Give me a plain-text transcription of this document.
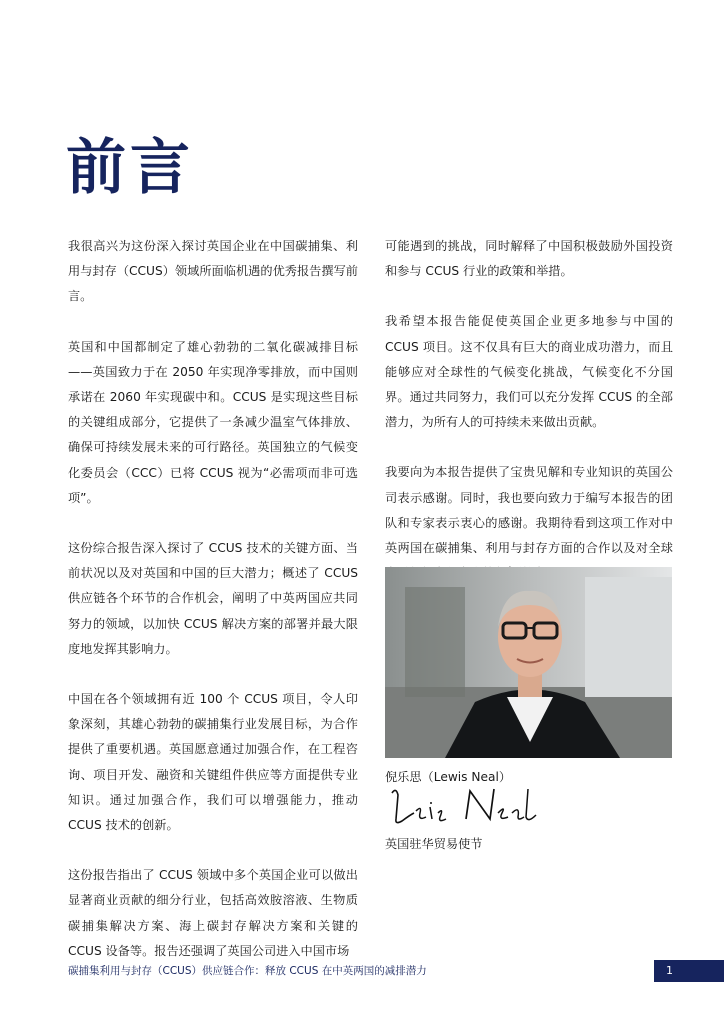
前言

我很高兴为这份深入探讨英国企业在中国碳捕集、利用与封存（CCUS）领域所面临机遇的优秀报告撰写前言。

英国和中国都制定了雄心勃勃的二氧化碳减排目标——英国致力于在 2050 年实现净零排放，而中国则承诺在 2060 年实现碳中和。CCUS 是实现这些目标的关键组成部分，它提供了一条减少温室气体排放、确保可持续发展未来的可行路径。英国独立的气候变化委员会（CCC）已将 CCUS 视为“必需项而非可选项”。

这份综合报告深入探讨了 CCUS 技术的关键方面、当前状况以及对英国和中国的巨大潜力；概述了 CCUS 供应链各个环节的合作机会，阐明了中英两国应共同努力的领域，以加快 CCUS 解决方案的部署并最大限度地发挥其影响力。

中国在各个领域拥有近 100 个 CCUS 项目，令人印象深刻，其雄心勃勃的碳捕集行业发展目标，为合作提供了重要机遇。英国愿意通过加强合作，在工程咨询、项目开发、融资和关键组件供应等方面提供专业知识。通过加强合作，我们可以增强能力，推动 CCUS 技术的创新。

这份报告指出了 CCUS 领域中多个英国企业可以做出显著商业贡献的细分行业，包括高效胺溶液、生物质碳捕集解决方案、海上碳封存解决方案和关键的 CCUS 设备等。报告还强调了英国公司进入中国市场

可能遇到的挑战，同时解释了中国积极鼓励外国投资和参与 CCUS 行业的政策和举措。

我希望本报告能促使英国企业更多地参与中国的 CCUS 项目。这不仅具有巨大的商业成功潜力，而且能够应对全球性的气候变化挑战，气候变化不分国界。通过共同努力，我们可以充分发挥 CCUS 的全部潜力，为所有人的可持续未来做出贡献。

我要向为本报告提供了宝贵见解和专业知识的英国公司表示感谢。同时，我也要向致力于编写本报告的团队和专家表示衷心的感谢。我期待看到这项工作对中英两国在碳捕集、利用与封存方面的合作以及对全球

倪乐思（Lewis Neal）
英国驻华贸易使节
碳捕集利用与封存（CCUS）供应链合作：释放 CCUS 在中英两国的减排潜力	1
